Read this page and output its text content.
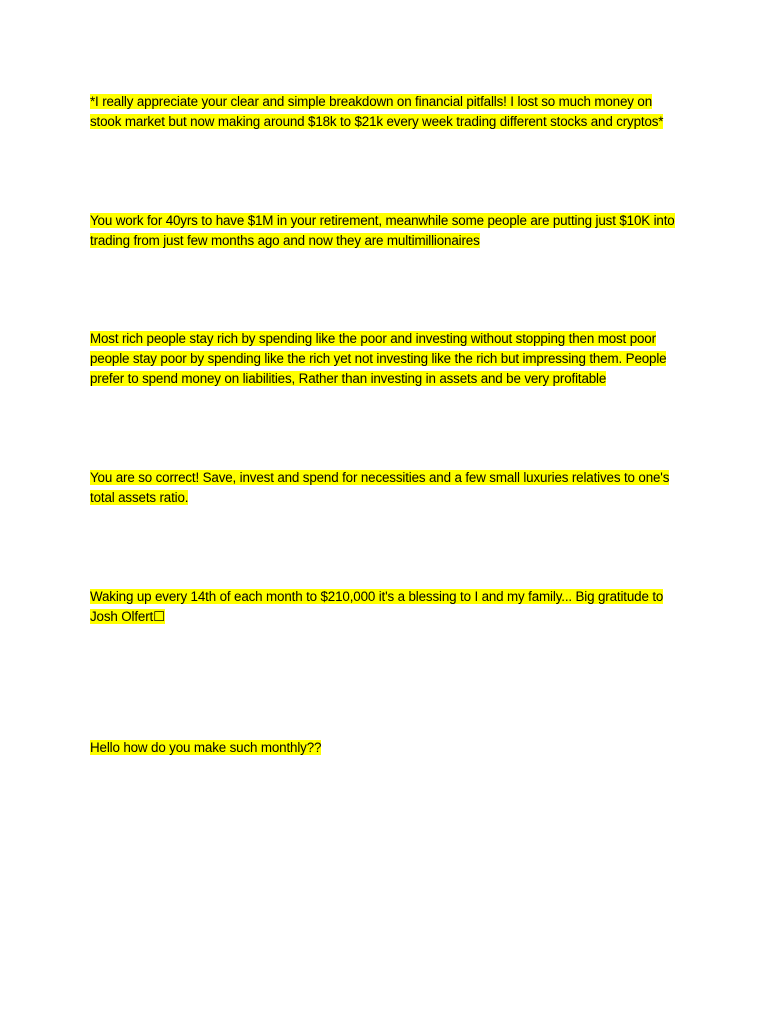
*I really appreciate your clear and simple breakdown on financial pitfalls! I lost so much money on stook market but now making around $18k to $21k every week trading different stocks and cryptos*

You work for 40yrs to have $1M in your retirement, meanwhile some people are putting just $10K into trading from just few months ago and now they are multimillionaires

Most rich people stay rich by spending like the poor and investing without stopping then most poor people stay poor by spending like the rich yet not investing like the rich but impressing them. People prefer to spend money on liabilities, Rather than investing in assets and be very profitable

You are so correct! Save, invest and spend for necessities and a few small luxuries relatives to one's total assets ratio.

Waking up every 14th of each month to $210,000 it's a blessing to I and my family... Big gratitude to Josh Olfert☐

Hello how do you make such monthly??
